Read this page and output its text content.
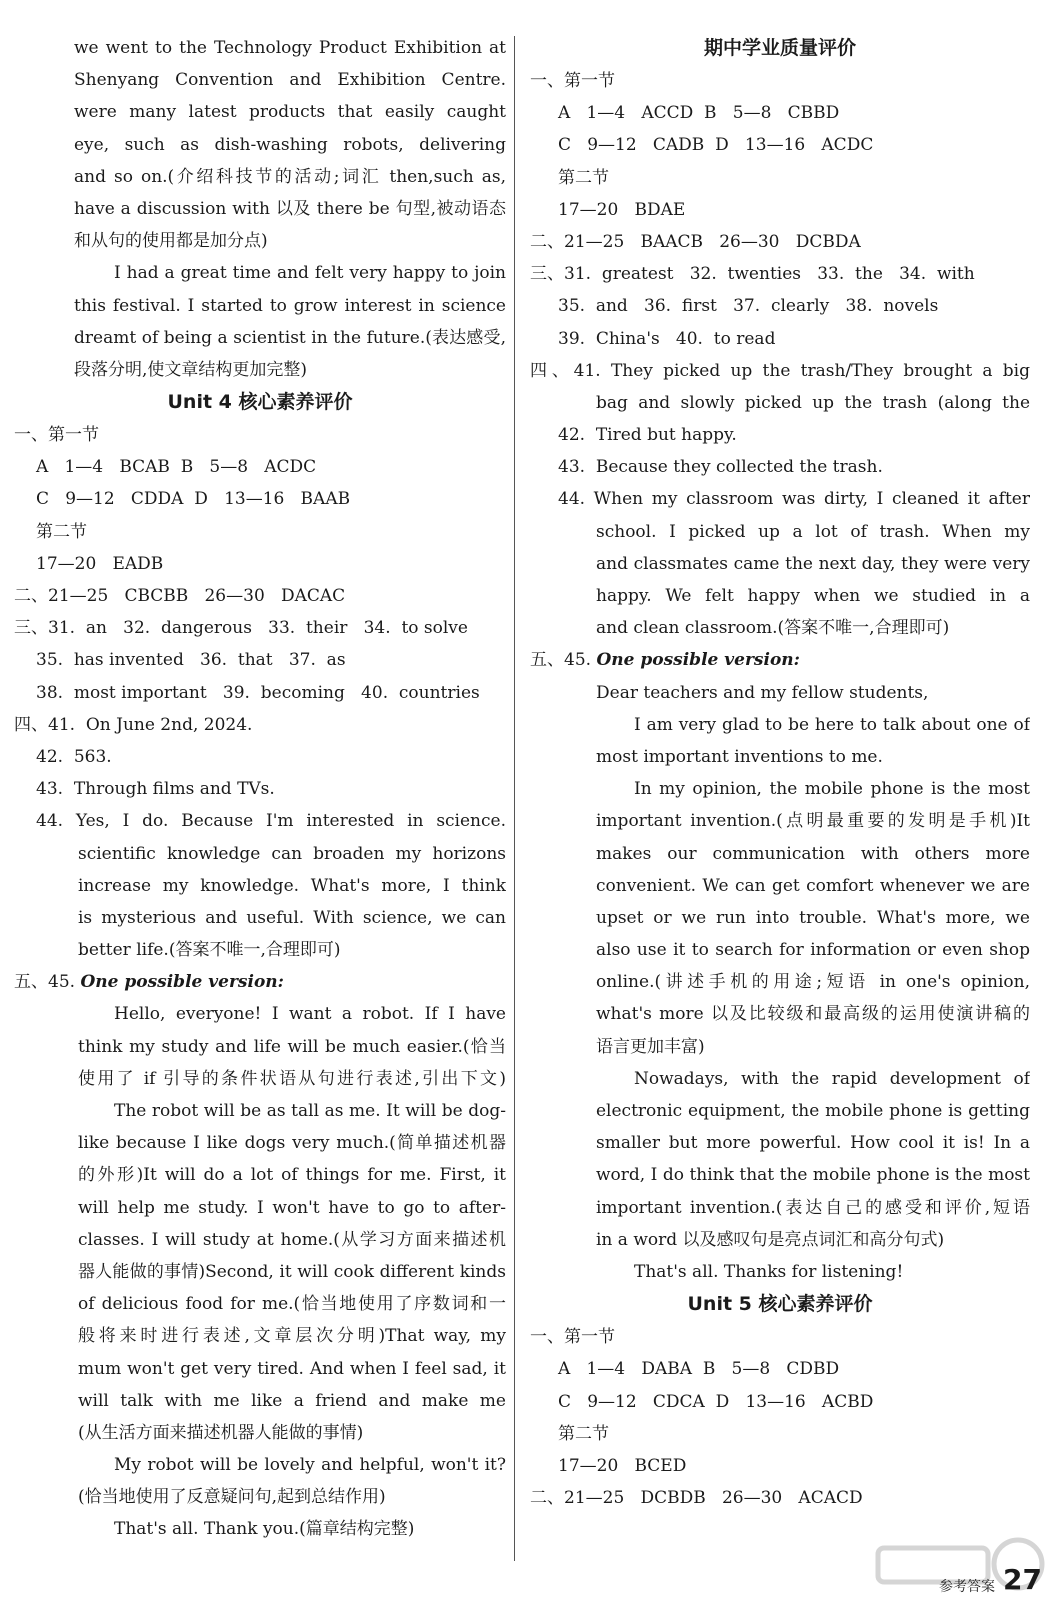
we went to the Technology Product Exhibition at
Shenyang Convention and Exhibition Centre.
were many latest products that easily caught
eye, such as dish-washing robots, delivering
and so on.(介绍科技节的活动;词汇 then,such as,
have a discussion with 以及 there be 句型,被动语态
和从句的使用都是加分点)
I had a great time and felt very happy to join
this festival. I started to grow interest in science
dreamt of being a scientist in the future.(表达感受,
段落分明,使文章结构更加完整)
Unit 4 核心素养评价
一、第一节
A   1—4   BCAB  B   5—8   ACDC
C   9—12   CDDA  D   13—16   BAAB
第二节
17—20   EADB
二、21—25   CBCBB   26—30   DACAC
三、31.  an   32.  dangerous   33.  their   34.  to solve
35.  has invented   36.  that   37.  as
38.  most important   39.  becoming   40.  countries
四、41.  On June 2nd, 2024.
42.  563.
43.  Through films and TVs.
44. Yes, I do. Because I'm interested in science.
scientific knowledge can broaden my horizons
increase my knowledge. What's more, I think
is mysterious and useful. With science, we can
better life.(答案不唯一,合理即可)
五、45. One possible version:
Hello, everyone! I want a robot. If I have
think my study and life will be much easier.(恰当
使用了 if 引导的条件状语从句进行表述,引出下文)
The robot will be as tall as me. It will be dog-
like because I like dogs very much.(简单描述机器
的外形)It will do a lot of things for me. First, it
will help me study. I won't have to go to after-
classes. I will study at home.(从学习方面来描述机
器人能做的事情)Second, it will cook different kinds
of delicious food for me.(恰当地使用了序数词和一
般将来时进行表述,文章层次分明)That way, my
mum won't get very tired. And when I feel sad, it
will talk with me like a friend and make me
(从生活方面来描述机器人能做的事情)
My robot will be lovely and helpful, won't it?
(恰当地使用了反意疑问句,起到总结作用)
That's all. Thank you.(篇章结构完整)
期中学业质量评价
一、第一节
A   1—4   ACCD  B   5—8   CBBD
C   9—12   CADB  D   13—16   ACDC
第二节
17—20   BDAE
二、21—25   BAACB   26—30   DCBDA
三、31.  greatest   32.  twenties   33.  the   34.  with
35.  and   36.  first   37.  clearly   38.  novels
39.  China's   40.  to read
四、41. They picked up the trash/They brought a big
bag and slowly picked up the trash (along the
42.  Tired but happy.
43.  Because they collected the trash.
44. When my classroom was dirty, I cleaned it after
school. I picked up a lot of trash. When my
and classmates came the next day, they were very
happy. We felt happy when we studied in a
and clean classroom.(答案不唯一,合理即可)
五、45. One possible version:
Dear teachers and my fellow students,
I am very glad to be here to talk about one of
most important inventions to me.
In my opinion, the mobile phone is the most
important invention.(点明最重要的发明是手机)It
makes our communication with others more
convenient. We can get comfort whenever we are
upset or we run into trouble. What's more, we
also use it to search for information or even shop
online.(讲述手机的用途;短语 in one's opinion,
what's more 以及比较级和最高级的运用使演讲稿的
语言更加丰富)
Nowadays, with the rapid development of
electronic equipment, the mobile phone is getting
smaller but more powerful. How cool it is! In a
word, I do think that the mobile phone is the most
important invention.(表达自己的感受和评价,短语
in a word 以及感叹句是亮点词汇和高分句式)
That's all. Thanks for listening!
Unit 5 核心素养评价
一、第一节
A   1—4   DABA  B   5—8   CDBD
C   9—12   CDCA  D   13—16   ACBD
第二节
17—20   BCED
二、21—25   DCBDB   26—30   ACACD
参考答案 27
